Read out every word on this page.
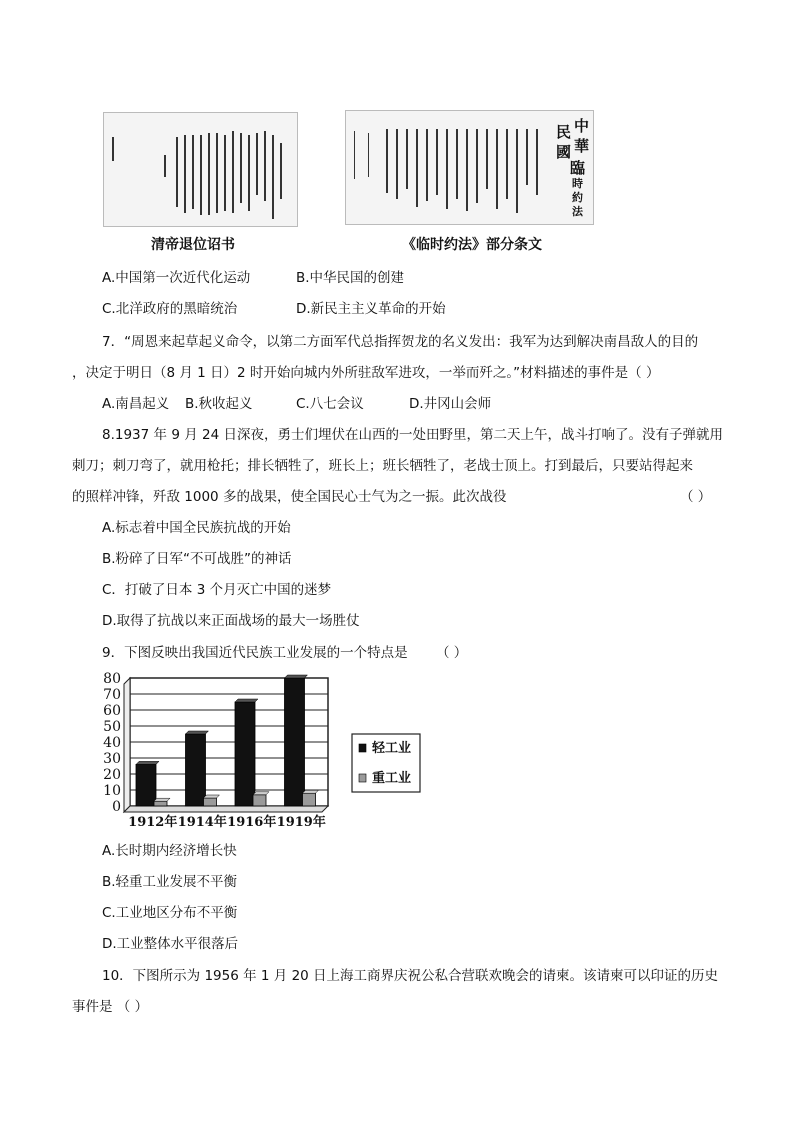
清帝退位诏书
民
國
中
華
臨
時
約
法
《临时约法》部分条文
A.中国第一次近代化运动	B.中华民国的创建
C.北洋政府的黑暗统治	D.新民主主义革命的开始
7．“周恩来起草起义命令，以第二方面军代总指挥贺龙的名义发出：我军为达到解决南昌敌人的目的
，决定于明日（8 月 1 日）2 时开始向城内外所驻敌军进攻，一举而歼之。”材料描述的事件是（ ）
A.南昌起义 B.秋收起义	C.八七会议	D.井冈山会师
8.1937 年 9 月 24 日深夜，勇士们埋伏在山西的一处田野里，第二天上午，战斗打响了。没有子弹就用
刺刀；刺刀弯了，就用枪托；排长牺牲了，班长上；班长牺牲了，老战士顶上。打到最后，只要站得起来
的照样冲锋，歼敌 1000 多的战果，使全国民心士气为之一振。此次战役	（ ）
A.标志着中国全民族抗战的开始
B.粉碎了日军“不可战胜”的神话
C．打破了日本 3 个月灭亡中国的迷梦
D.取得了抗战以来正面战场的最大一场胜仗
9．下图反映出我国近代民族工业发展的一个特点是 （ ）
0
10
20
30
40
50
60
70
80
1912年 1914年 1916年 1919年
轻工业
重工业
A.长时期内经济增长快
B.轻重工业发展不平衡
C.工业地区分布不平衡
D.工业整体水平很落后
10．下图所示为 1956 年 1 月 20 日上海工商界庆祝公私合营联欢晚会的请柬。该请柬可以印证的历史
事件是 （ ）
